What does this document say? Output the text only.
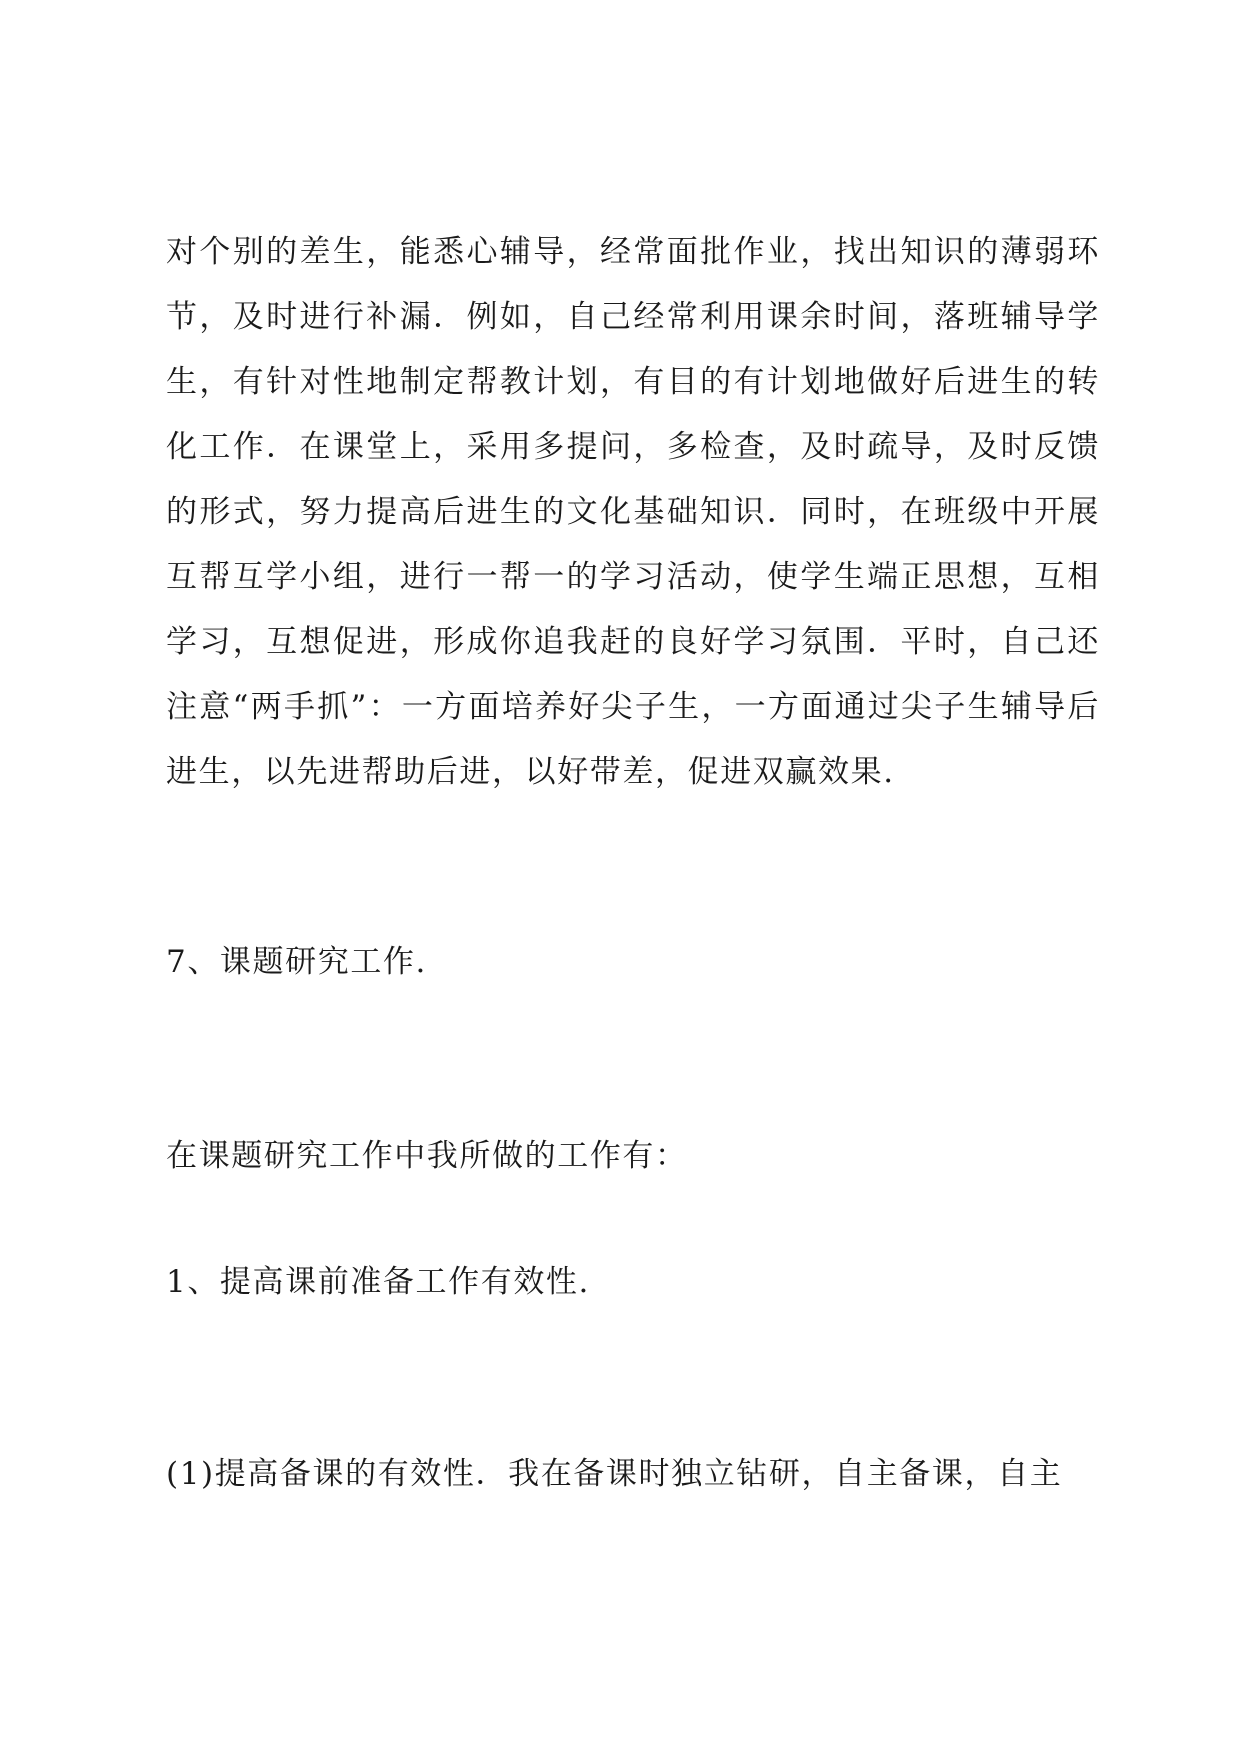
对个别的差生，能悉心辅导，经常面批作业，找出知识的薄弱环节，及时进行补漏．例如，自己经常利用课余时间，落班辅导学生，有针对性地制定帮教计划，有目的有计划地做好后进生的转化工作．在课堂上，采用多提问，多检查，及时疏导，及时反馈的形式，努力提高后进生的文化基础知识．同时，在班级中开展互帮互学小组，进行一帮一的学习活动，使学生端正思想，互相学习，互想促进，形成你追我赶的良好学习氛围．平时，自己还注意“两手抓”：一方面培养好尖子生，一方面通过尖子生辅导后进生，以先进帮助后进，以好带差，促进双赢效果.

7、课题研究工作.

在课题研究工作中我所做的工作有：

1、提高课前准备工作有效性.

(1)提高备课的有效性．我在备课时独立钻研，自主备课，自主
